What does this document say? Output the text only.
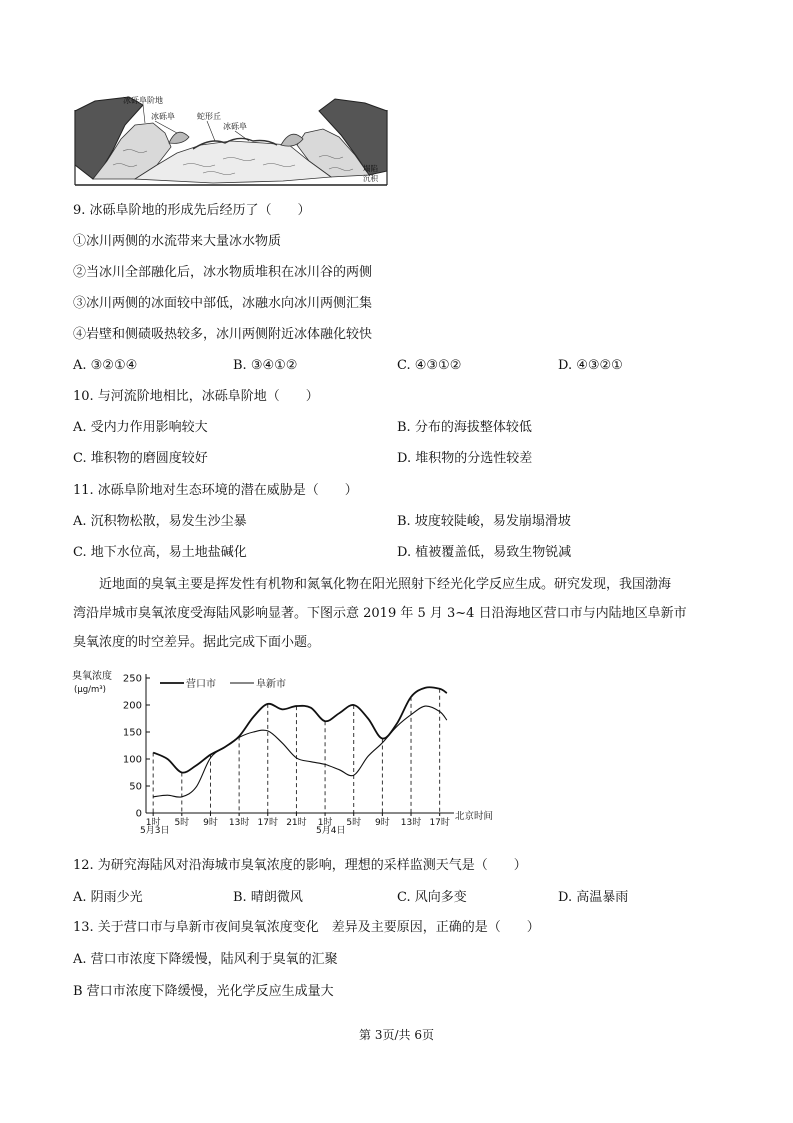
冰砾阜阶地
冰砾阜	蛇形丘
冰砾阜
塌陷
沉积
9. 冰砾阜阶地的形成先后经历了（　　）
①冰川两侧的水流带来大量冰水物质
②当冰川全部融化后，冰水物质堆积在冰川谷的两侧
③冰川两侧的冰面较中部低，冰融水向冰川两侧汇集
④岩壁和侧碛吸热较多，冰川两侧附近冰体融化较快
A. ③②①④	B. ③④①②	C. ④③①②	D. ④③②①
10. 与河流阶地相比，冰砾阜阶地（　　）
A. 受内力作用影响较大	B. 分布的海拔整体较低
C. 堆积物的磨圆度较好	D. 堆积物的分选性较差
11. 冰砾阜阶地对生态环境的潜在威胁是（　　）
A. 沉积物松散，易发生沙尘暴	B. 坡度较陡峻，易发崩塌滑坡
C. 地下水位高，易土地盐碱化	D. 植被覆盖低，易致生物锐减
近地面的臭氧主要是挥发性有机物和氮氧化物在阳光照射下经光化学反应生成。研究发现，我国渤海
湾沿岸城市臭氧浓度受海陆风影响显著。下图示意 2019 年 5 月 3~4 日沿海地区营口市与内陆地区阜新市
臭氧浓度的时空差异。据此完成下面小题。
臭氧浓度
(μg/m³)
0
50
100
150
200
250
1时 5时 9时 13时 17时 21时 1时 5时 9时 13时 17时
营口市	阜新市
北京时间
5月3日	5月4日
12. 为研究海陆风对沿海城市臭氧浓度的影响，理想的采样监测天气是（　　）
A. 阴雨少光	B. 晴朗微风	C. 风向多变	D. 高温暴雨
13. 关于营口市与阜新市夜间臭氧浓度变化　差异及主要原因，正确的是（　　）
A. 营口市浓度下降缓慢，陆风利于臭氧的汇聚
B 营口市浓度下降缓慢，光化学反应生成量大
第 3页/共 6页
